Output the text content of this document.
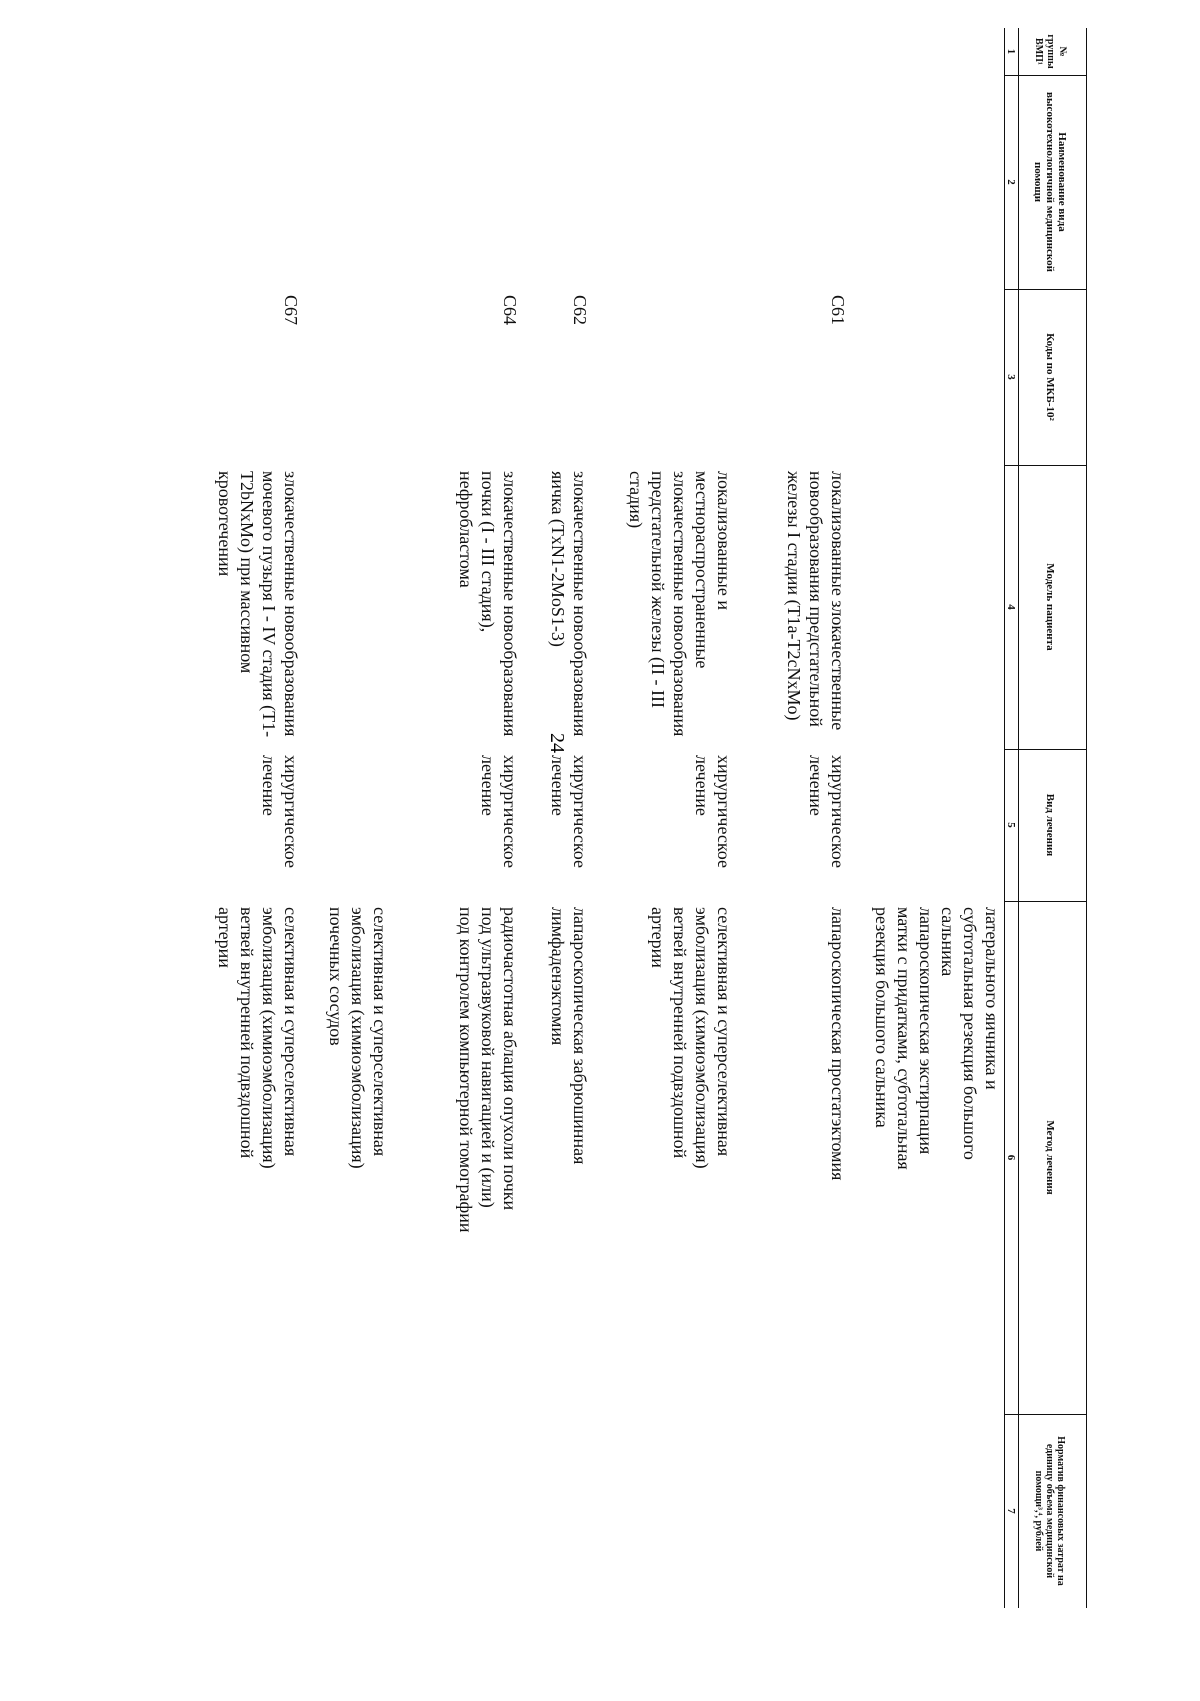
24
№ группы ВМП¹
Наименование вида высокотехнологичной медицинской помощи
Коды по МКБ-10²
Модель пациента
Вид лечения
Метод лечения
Норматив финансовых затрат на единицу объема медицинской помощи³,⁴, рублей
1
2
3
4
5
6
7
латерального яичника и субтотальная резекция большого сальника
лапароскопическая экстирпация матки с придатками, субтотальная резекция большого сальника
С61
локализованные злокачественные новообразования предстательной железы I стадии (T1a-T2cNxMo)
хирургическое лечение
лапароскопическая простатэктомия
локализованные и местнораспространенные злокачественные новообразования предстательной железы (II - III стадия)
хирургическое лечение
селективная и суперселективная эмболизация (химиоэмболизация) ветвей внутренней подвздошной артерии
С62
злокачественные новообразования яичка (TxN1-2MoS1-3)
хирургическое лечение
лапароскопическая забрюшинная лимфаденэктомия
С64
злокачественные новообразования почки (I - III стадия), нефробластома
хирургическое лечение
радиочастотная аблация опухоли почки под ультразвуковой навигацией и (или) под контролем компьютерной томографии
селективная и суперселективная эмболизация (химиоэмболизация) почечных сосудов
С67
злокачественные новообразования мочевого пузыря I - IV стадия (T1-T2bNxMo) при массивном кровотечении
хирургическое лечение
селективная и суперселективная эмболизация (химиоэмболизация) ветвей внутренней подвздошной артерии
